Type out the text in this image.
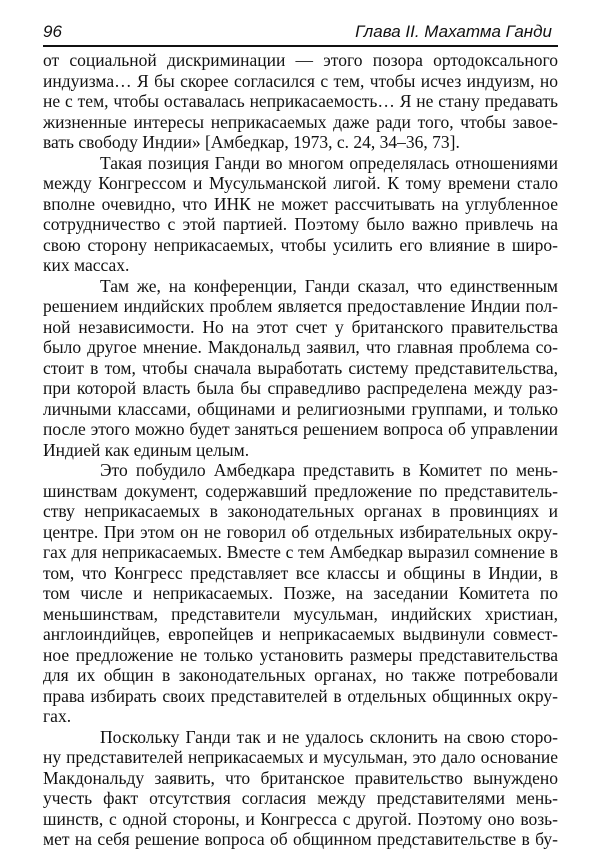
96	Глава II. Махатма Ганди
от социальной дискриминации — этого позора ортодоксального
индуизма… Я бы скорее согласился с тем, чтобы исчез индуизм, но
не с тем, чтобы оставалась неприкасаемость… Я не стану предавать
жизненные интересы неприкасаемых даже ради того, чтобы завое-
вать свободу Индии» [Амбедкар, 1973, с. 24, 34–36, 73].
Такая позиция Ганди во многом определялась отношениями
между Конгрессом и Мусульманской лигой. К тому времени стало
вполне очевидно, что ИНК не может рассчитывать на углубленное
сотрудничество с этой партией. Поэтому было важно привлечь на
свою сторону неприкасаемых, чтобы усилить его влияние в широ-
ких массах.
Там же, на конференции, Ганди сказал, что единственным
решением индийских проблем является предоставление Индии пол-
ной независимости. Но на этот счет у британского правительства
было другое мнение. Макдональд заявил, что главная проблема со-
стоит в том, чтобы сначала выработать систему представительства,
при которой власть была бы справедливо распределена между раз-
личными классами, общинами и религиозными группами, и только
после этого можно будет заняться решением вопроса об управлении
Индией как единым целым.
Это побудило Амбедкара представить в Комитет по мень-
шинствам документ, содержавший предложение по представитель-
ству неприкасаемых в законодательных органах в провинциях и
центре. При этом он не говорил об отдельных избирательных окру-
гах для неприкасаемых. Вместе с тем Амбедкар выразил сомнение в
том, что Конгресс представляет все классы и общины в Индии, в
том числе и неприкасаемых. Позже, на заседании Комитета по
меньшинствам, представители мусульман, индийских христиан,
англоиндийцев, европейцев и неприкасаемых выдвинули совмест-
ное предложение не только установить размеры представительства
для их общин в законодательных органах, но также потребовали
права избирать своих представителей в отдельных общинных окру-
гах.
Поскольку Ганди так и не удалось склонить на свою сторо-
ну представителей неприкасаемых и мусульман, это дало основание
Макдональду заявить, что британское правительство вынуждено
учесть факт отсутствия согласия между представителями мень-
шинств, с одной стороны, и Конгресса с другой. Поэтому оно возь-
мет на себя решение вопроса об общинном представительстве в бу-
